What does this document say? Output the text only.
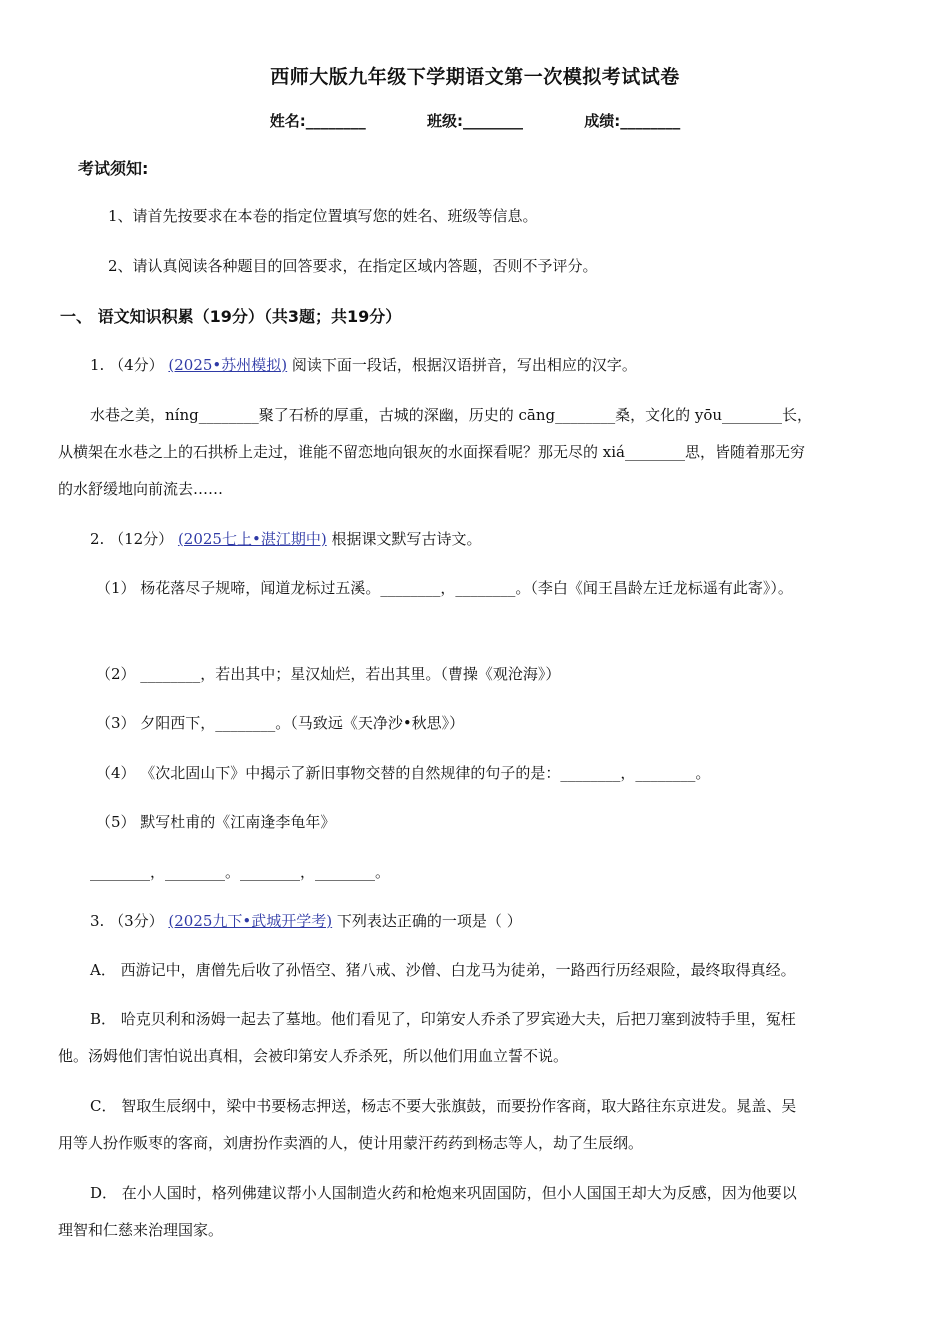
西师大版九年级下学期语文第一次模拟考试试卷
姓名:________	班级:________	成绩:________
考试须知:
1、请首先按要求在本卷的指定位置填写您的姓名、班级等信息。
2、请认真阅读各种题目的回答要求，在指定区域内答题，否则不予评分。
一、 语文知识积累（19分）（共3题；共19分）
1. （4分） (2025•苏州模拟) 阅读下面一段话，根据汉语拼音，写出相应的汉字。
水巷之美，níng________聚了石桥的厚重，古城的深幽，历史的 cāng________桑，文化的 yōu________长，
从横架在水巷之上的石拱桥上走过，谁能不留恋地向银灰的水面探看呢？那无尽的 xiá________思，皆随着那无穷
的水舒缓地向前流去……
2. （12分） (2025七上•湛江期中) 根据课文默写古诗文。
（1） 杨花落尽子规啼，闻道龙标过五溪。________，________。（李白《闻王昌龄左迁龙标遥有此寄》）。
（2） ________，若出其中；星汉灿烂，若出其里。（曹操《观沧海》）
（3） 夕阳西下，________。（马致远《天净沙•秋思》）
（4） 《次北固山下》中揭示了新旧事物交替的自然规律的句子的是：________，________。
（5） 默写杜甫的《江南逢李龟年》
________，________。________，________。
3. （3分） (2025九下•武城开学考) 下列表达正确的一项是（ ）
A． 西游记中，唐僧先后收了孙悟空、猪八戒、沙僧、白龙马为徒弟，一路西行历经艰险，最终取得真经。
B． 哈克贝利和汤姆一起去了墓地。他们看见了，印第安人乔杀了罗宾逊大夫，后把刀塞到波特手里，冤枉
他。汤姆他们害怕说出真相，会被印第安人乔杀死，所以他们用血立誓不说。
C． 智取生辰纲中，梁中书要杨志押送，杨志不要大张旗鼓，而要扮作客商，取大路往东京进发。晁盖、吴
用等人扮作贩枣的客商，刘唐扮作卖酒的人，使计用蒙汗药药到杨志等人，劫了生辰纲。
D． 在小人国时，格列佛建议帮小人国制造火药和枪炮来巩固国防，但小人国国王却大为反感，因为他要以
理智和仁慈来治理国家。
